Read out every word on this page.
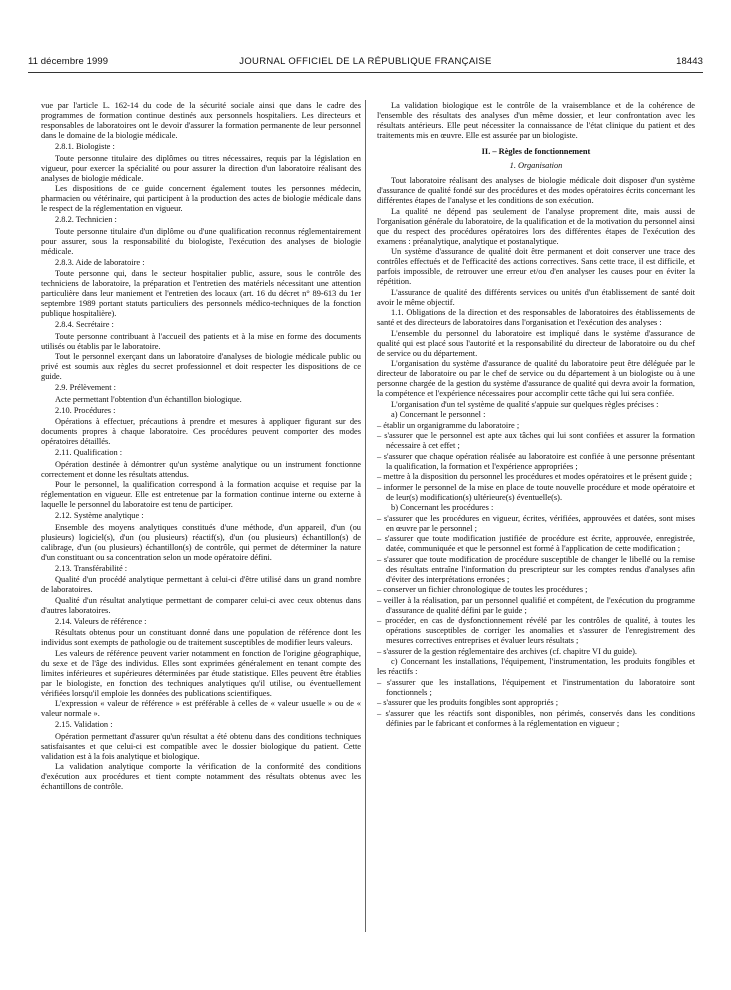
11 décembre 1999	JOURNAL OFFICIEL DE LA RÉPUBLIQUE FRANÇAISE	18443

vue par l'article L. 162-14 du code de la sécurité sociale ainsi que dans le cadre des programmes de formation continue destinés aux personnels hospitaliers. Les directeurs et responsables de laboratoires ont le devoir d'assurer la formation permanente de leur personnel dans le domaine de la biologie médicale.

2.8.1. Biologiste :

Toute personne titulaire des diplômes ou titres nécessaires, requis par la législation en vigueur, pour exercer la spécialité ou pour assurer la direction d'un laboratoire réalisant des analyses de biologie médicale.

Les dispositions de ce guide concernent également toutes les personnes médecin, pharmacien ou vétérinaire, qui participent à la production des actes de biologie médicale dans le respect de la réglementation en vigueur.

2.8.2. Technicien :

Toute personne titulaire d'un diplôme ou d'une qualification reconnus réglementairement pour assurer, sous la responsabilité du biologiste, l'exécution des analyses de biologie médicale.

2.8.3. Aide de laboratoire :

Toute personne qui, dans le secteur hospitalier public, assure, sous le contrôle des techniciens de laboratoire, la préparation et l'entretien des matériels nécessitant une attention particulière dans leur maniement et l'entretien des locaux (art. 16 du décret n° 89-613 du 1er septembre 1989 portant statuts particuliers des personnels médico-techniques de la fonction publique hospitalière).

2.8.4. Secrétaire :

Toute personne contribuant à l'accueil des patients et à la mise en forme des documents utilisés ou établis par le laboratoire.

Tout le personnel exerçant dans un laboratoire d'analyses de biologie médicale public ou privé est soumis aux règles du secret professionnel et doit respecter les dispositions de ce guide.

2.9. Prélèvement :

Acte permettant l'obtention d'un échantillon biologique.

2.10. Procédures :

Opérations à effectuer, précautions à prendre et mesures à appliquer figurant sur des documents propres à chaque laboratoire. Ces procédures peuvent comporter des modes opératoires détaillés.

2.11. Qualification :

Opération destinée à démontrer qu'un système analytique ou un instrument fonctionne correctement et donne les résultats attendus.

Pour le personnel, la qualification correspond à la formation acquise et requise par la réglementation en vigueur. Elle est entretenue par la formation continue interne ou externe à laquelle le personnel du laboratoire est tenu de participer.

2.12. Système analytique :

Ensemble des moyens analytiques constitués d'une méthode, d'un appareil, d'un (ou plusieurs) logiciel(s), d'un (ou plusieurs) réactif(s), d'un (ou plusieurs) échantillon(s) de calibrage, d'un (ou plusieurs) échantillon(s) de contrôle, qui permet de déterminer la nature d'un constituant ou sa concentration selon un mode opératoire défini.

2.13. Transférabilité :

Qualité d'un procédé analytique permettant à celui-ci d'être utilisé dans un grand nombre de laboratoires.

Qualité d'un résultat analytique permettant de comparer celui-ci avec ceux obtenus dans d'autres laboratoires.

2.14. Valeurs de référence :

Résultats obtenus pour un constituant donné dans une population de référence dont les individus sont exempts de pathologie ou de traitement susceptibles de modifier leurs valeurs.

Les valeurs de référence peuvent varier notamment en fonction de l'origine géographique, du sexe et de l'âge des individus. Elles sont exprimées généralement en tenant compte des limites inférieures et supérieures déterminées par étude statistique. Elles peuvent être établies par le biologiste, en fonction des techniques analytiques qu'il utilise, ou éventuellement vérifiées lorsqu'il emploie les données des publications scientifiques.

L'expression « valeur de référence » est préférable à celles de « valeur usuelle » ou de « valeur normale ».

2.15. Validation :

Opération permettant d'assurer qu'un résultat a été obtenu dans des conditions techniques satisfaisantes et que celui-ci est compatible avec le dossier biologique du patient. Cette validation est à la fois analytique et biologique.

La validation analytique comporte la vérification de la conformité des conditions d'exécution aux procédures et tient compte notamment des résultats obtenus avec les échantillons de contrôle.

La validation biologique est le contrôle de la vraisemblance et de la cohérence de l'ensemble des résultats des analyses d'un même dossier, et leur confrontation avec les résultats antérieurs. Elle peut nécessiter la connaissance de l'état clinique du patient et des traitements mis en œuvre. Elle est assurée par un biologiste.

II. – Règles de fonctionnement

1. Organisation

Tout laboratoire réalisant des analyses de biologie médicale doit disposer d'un système d'assurance de qualité fondé sur des procédures et des modes opératoires écrits concernant les différentes étapes de l'analyse et les conditions de son exécution.

La qualité ne dépend pas seulement de l'analyse proprement dite, mais aussi de l'organisation générale du laboratoire, de la qualification et de la motivation du personnel ainsi que du respect des procédures opératoires lors des différentes étapes de l'exécution des examens : préanalytique, analytique et postanalytique.

Un système d'assurance de qualité doit être permanent et doit conserver une trace des contrôles effectués et de l'efficacité des actions correctives. Sans cette trace, il est difficile, et parfois impossible, de retrouver une erreur et/ou d'en analyser les causes pour en éviter la répétition.

L'assurance de qualité des différents services ou unités d'un établissement de santé doit avoir le même objectif.

1.1. Obligations de la direction et des responsables de laboratoires des établissements de santé et des directeurs de laboratoires dans l'organisation et l'exécution des analyses :

L'ensemble du personnel du laboratoire est impliqué dans le système d'assurance de qualité qui est placé sous l'autorité et la responsabilité du directeur de laboratoire ou du chef de service ou du département.

L'organisation du système d'assurance de qualité du laboratoire peut être déléguée par le directeur de laboratoire ou par le chef de service ou du département à un biologiste ou à une personne chargée de la gestion du système d'assurance de qualité qui devra avoir la formation, la compétence et l'expérience nécessaires pour accomplir cette tâche qui lui sera confiée.

L'organisation d'un tel système de qualité s'appuie sur quelques règles précises :

a) Concernant le personnel :

– établir un organigramme du laboratoire ;

– s'assurer que le personnel est apte aux tâches qui lui sont confiées et assurer la formation nécessaire à cet effet ;

– s'assurer que chaque opération réalisée au laboratoire est confiée à une personne présentant la qualification, la formation et l'expérience appropriées ;

– mettre à la disposition du personnel les procédures et modes opératoires et le présent guide ;

– informer le personnel de la mise en place de toute nouvelle procédure et mode opératoire et de leur(s) modification(s) ultérieure(s) éventuelle(s).

b) Concernant les procédures :

– s'assurer que les procédures en vigueur, écrites, vérifiées, approuvées et datées, sont mises en œuvre par le personnel ;

– s'assurer que toute modification justifiée de procédure est écrite, approuvée, enregistrée, datée, communiquée et que le personnel est formé à l'application de cette modification ;

– s'assurer que toute modification de procédure susceptible de changer le libellé ou la remise des résultats entraîne l'information du prescripteur sur les comptes rendus d'analyses afin d'éviter des interprétations erronées ;

– conserver un fichier chronologique de toutes les procédures ;

– veiller à la réalisation, par un personnel qualifié et compétent, de l'exécution du programme d'assurance de qualité défini par le guide ;

– procéder, en cas de dysfonctionnement révélé par les contrôles de qualité, à toutes les opérations susceptibles de corriger les anomalies et s'assurer de l'enregistrement des mesures correctives entreprises et évaluer leurs résultats ;

– s'assurer de la gestion réglementaire des archives (cf. chapitre VI du guide).

c) Concernant les installations, l'équipement, l'instrumentation, les produits fongibles et les réactifs :

– s'assurer que les installations, l'équipement et l'instrumentation du laboratoire sont fonctionnels ;

– s'assurer que les produits fongibles sont appropriés ;

– s'assurer que les réactifs sont disponibles, non périmés, conservés dans les conditions définies par le fabricant et conformes à la réglementation en vigueur ;
